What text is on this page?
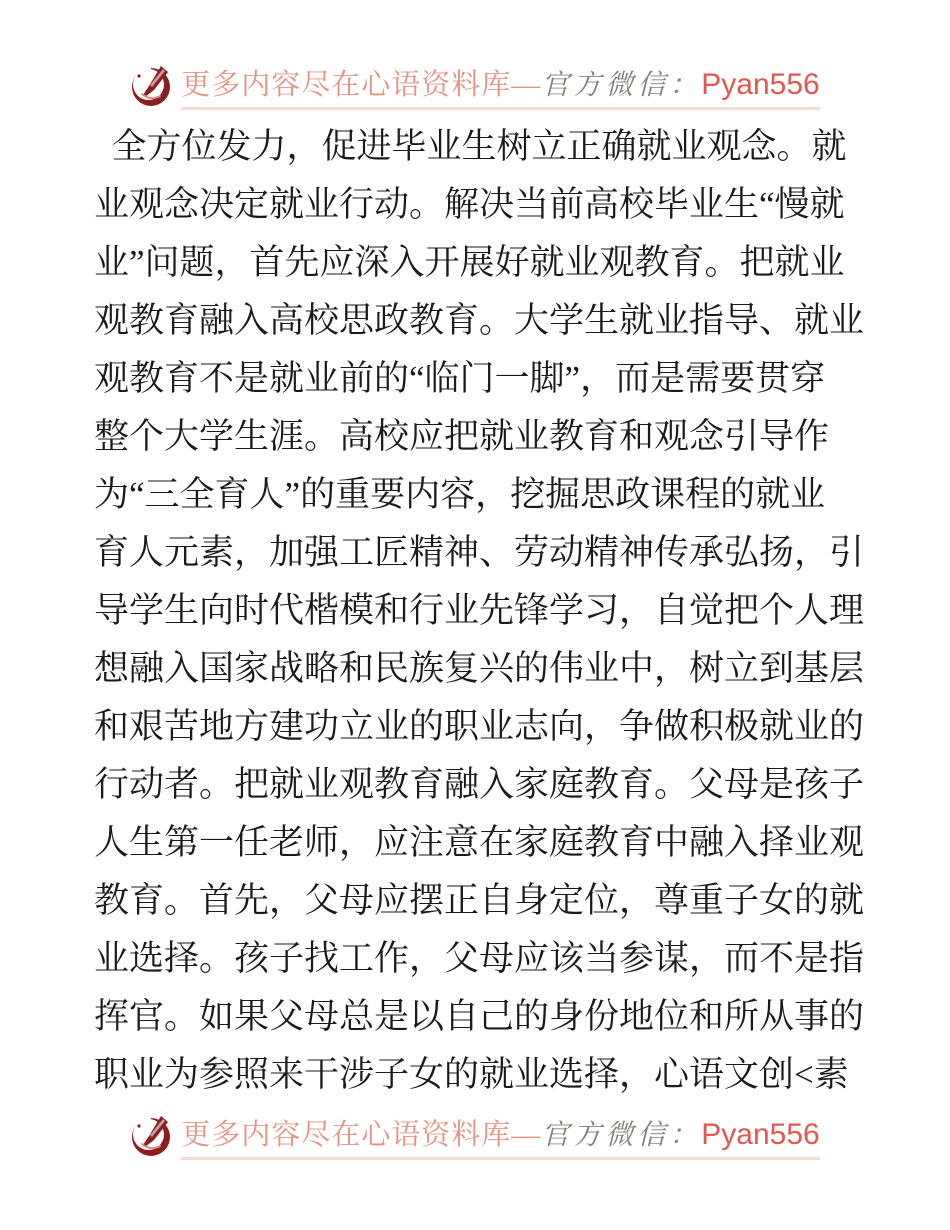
更多内容尽在心语资料库— 官方微信： Pyan556
 全方位发力，促进毕业生树立正确就业观念。就
业观念决定就业行动。解决当前高校毕业生“慢就
业”问题，首先应深入开展好就业观教育。把就业
观教育融入高校思政教育。大学生就业指导、就业
观教育不是就业前的“临门一脚”，而是需要贯穿
整个大学生涯。高校应把就业教育和观念引导作
为“三全育人”的重要内容，挖掘思政课程的就业
育人元素，加强工匠精神、劳动精神传承弘扬，引
导学生向时代楷模和行业先锋学习，自觉把个人理
想融入国家战略和民族复兴的伟业中，树立到基层
和艰苦地方建功立业的职业志向，争做积极就业的
行动者。把就业观教育融入家庭教育。父母是孩子
人生第一任老师，应注意在家庭教育中融入择业观
教育。首先，父母应摆正自身定位，尊重子女的就
业选择。孩子找工作，父母应该当参谋，而不是指
挥官。如果父母总是以自己的身份地位和所从事的
职业为参照来干涉子女的就业选择，心语文创<素
更多内容尽在心语资料库— 官方微信： Pyan556
